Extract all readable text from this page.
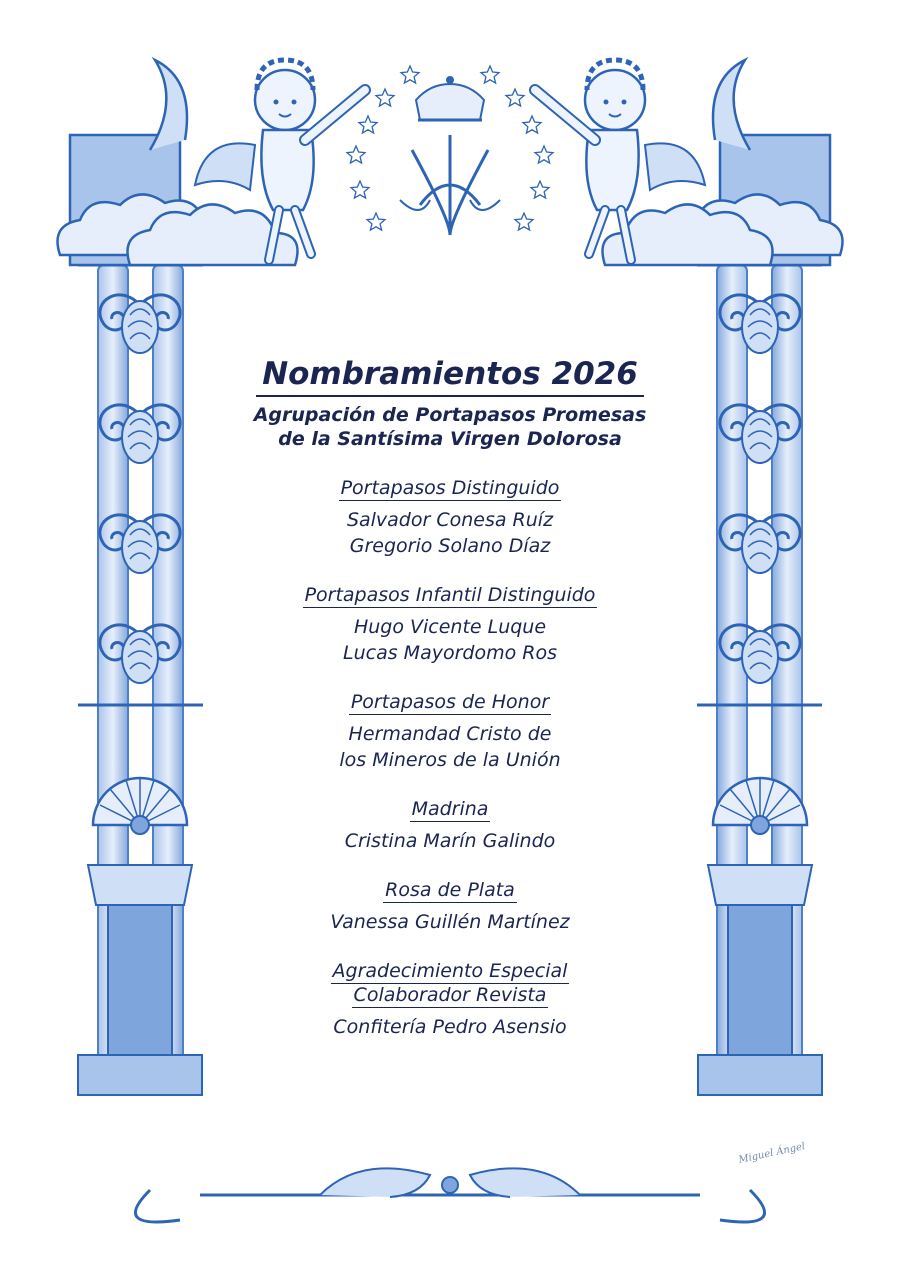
Nombramientos 2026
Agrupación de Portapasos Promesas
de la Santísima Virgen Dolorosa
Portapasos Distinguido
Salvador Conesa Ruíz
Gregorio Solano Díaz
Portapasos Infantil Distinguido
Hugo Vicente Luque
Lucas Mayordomo Ros
Portapasos de Honor
Hermandad Cristo de
los Mineros de la Unión
Madrina
Cristina Marín Galindo
Rosa de Plata
Vanessa Guillén Martínez
Agradecimiento Especial
Colaborador Revista
Confitería Pedro Asensio
Miguel Ángel
